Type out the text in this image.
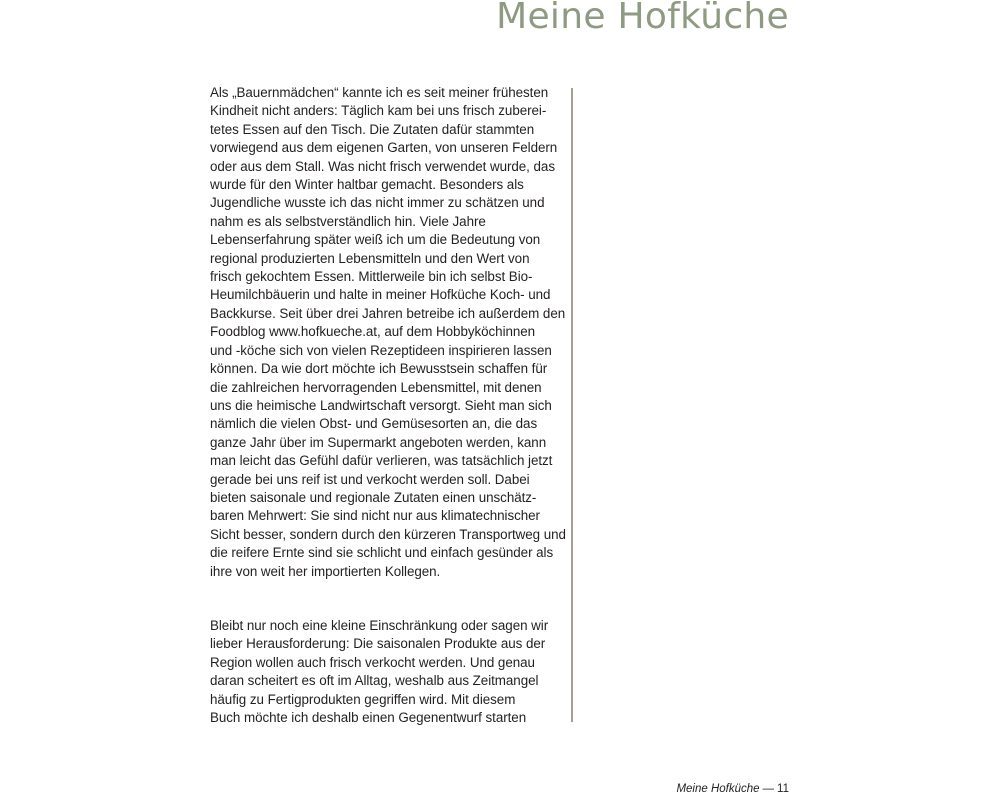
Meine Hofküche
Als „Bauernmädchen“ kannte ich es seit meiner frühesten
Kindheit nicht anders: Täglich kam bei uns frisch zuberei-
tetes Essen auf den Tisch. Die Zutaten dafür stammten
vorwiegend aus dem eigenen Garten, von unseren Feldern
oder aus dem Stall. Was nicht frisch verwendet wurde, das
wurde für den Winter haltbar gemacht. Besonders als
Jugendliche wusste ich das nicht immer zu schätzen und
nahm es als selbstverständlich hin. Viele Jahre
Lebenserfahrung später weiß ich um die Bedeutung von
regional produzierten Lebensmitteln und den Wert von
frisch gekochtem Essen. Mittlerweile bin ich selbst Bio-
Heumilchbäuerin und halte in meiner Hofküche Koch- und
Backkurse. Seit über drei Jahren betreibe ich außerdem den
Foodblog www.hofkueche.at, auf dem Hobbyköchinnen
und -köche sich von vielen Rezeptideen inspirieren lassen
können. Da wie dort möchte ich Bewusstsein schaffen für
die zahlreichen hervorragenden Lebensmittel, mit denen
uns die heimische Landwirtschaft versorgt. Sieht man sich
nämlich die vielen Obst- und Gemüsesorten an, die das
ganze Jahr über im Supermarkt angeboten werden, kann
man leicht das Gefühl dafür verlieren, was tatsächlich jetzt
gerade bei uns reif ist und verkocht werden soll. Dabei
bieten saisonale und regionale Zutaten einen unschätz-
baren Mehrwert: Sie sind nicht nur aus klimatechnischer
Sicht besser, sondern durch den kürzeren Transportweg und
die reifere Ernte sind sie schlicht und einfach gesünder als
ihre von weit her importierten Kollegen.
Bleibt nur noch eine kleine Einschränkung oder sagen wir
lieber Herausforderung: Die saisonalen Produkte aus der
Region wollen auch frisch verkocht werden. Und genau
daran scheitert es oft im Alltag, weshalb aus Zeitmangel
häufig zu Fertigprodukten gegriffen wird. Mit diesem
Buch möchte ich deshalb einen Gegenentwurf starten
Meine Hofküche — 11
